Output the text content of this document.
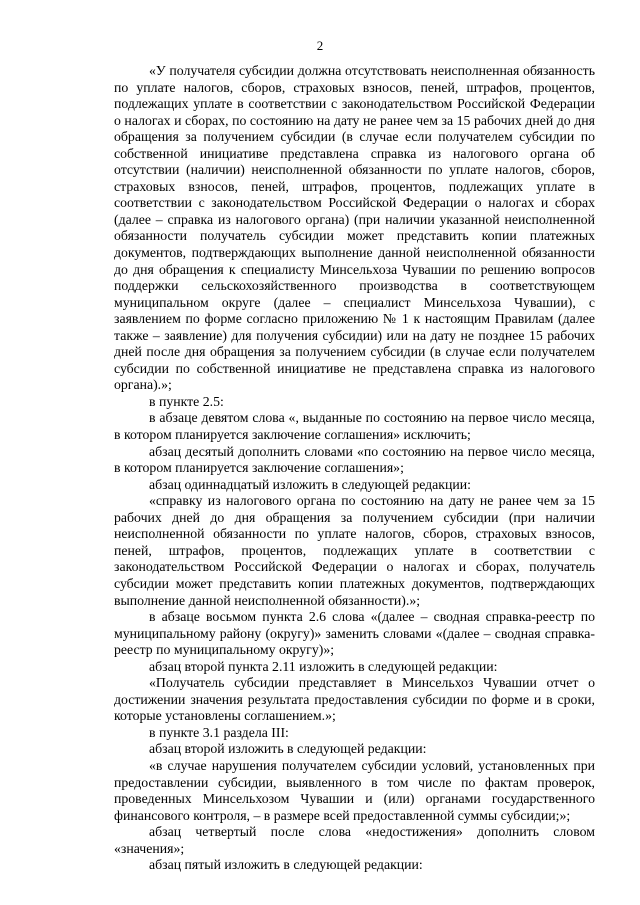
2

«У получателя субсидии должна отсутствовать неисполненная обязанность по уплате налогов, сборов, страховых взносов, пеней, штрафов, процентов, подлежащих уплате в соответствии с законодательством Российской Федерации о налогах и сборах, по состоянию на дату не ранее чем за 15 рабочих дней до дня обращения за получением субсидии (в случае если получателем субсидии по собственной инициативе представлена справка из налогового органа об отсутствии (наличии) неисполненной обязанности по уплате налогов, сборов, страховых взносов, пеней, штрафов, процентов, подлежащих уплате в соответствии с законодательством Российской Федерации о налогах и сборах (далее – справка из налогового органа) (при наличии указанной неисполненной обязанности получатель субсидии может представить копии платежных документов, подтверждающих выполнение данной неисполненной обязанности до дня обращения к специалисту Минсельхоза Чувашии по решению вопросов поддержки сельскохозяйственного производства в соответствующем муниципальном округе (далее – специалист Минсельхоза Чувашии), с заявлением по форме согласно приложению № 1 к настоящим Правилам (далее также – заявление) для получения субсидии) или на дату не позднее 15 рабочих дней после дня обращения за получением субсидии (в случае если получателем субсидии по собственной инициативе не представлена справка из налогового органа).»;

в пункте 2.5:

в абзаце девятом слова «, выданные по состоянию на первое число месяца, в котором планируется заключение соглашения» исключить;

абзац десятый дополнить словами «по состоянию на первое число месяца, в котором планируется заключение соглашения»;

абзац одиннадцатый изложить в следующей редакции:

«справку из налогового органа по состоянию на дату не ранее чем за 15 рабочих дней до дня обращения за получением субсидии (при наличии неисполненной обязанности по уплате налогов, сборов, страховых взносов, пеней, штрафов, процентов, подлежащих уплате в соответствии с законодательством Российской Федерации о налогах и сборах, получатель субсидии может представить копии платежных документов, подтверждающих выполнение данной неисполненной обязанности).»;

в абзаце восьмом пункта 2.6 слова «(далее – сводная справка-реестр по муниципальному району (округу)» заменить словами «(далее – сводная справка-реестр по муниципальному округу)»;

абзац второй пункта 2.11 изложить в следующей редакции:

«Получатель субсидии представляет в Минсельхоз Чувашии отчет о достижении значения результата предоставления субсидии по форме и в сроки, которые установлены соглашением.»;

в пункте 3.1 раздела III:

абзац второй изложить в следующей редакции:

«в случае нарушения получателем субсидии условий, установленных при предоставлении субсидии, выявленного в том числе по фактам проверок, проведенных Минсельхозом Чувашии и (или) органами государственного финансового контроля, – в размере всей предоставленной суммы субсидии;»;

абзац четвертый после слова «недостижения» дополнить словом «значения»;

абзац пятый изложить в следующей редакции:
